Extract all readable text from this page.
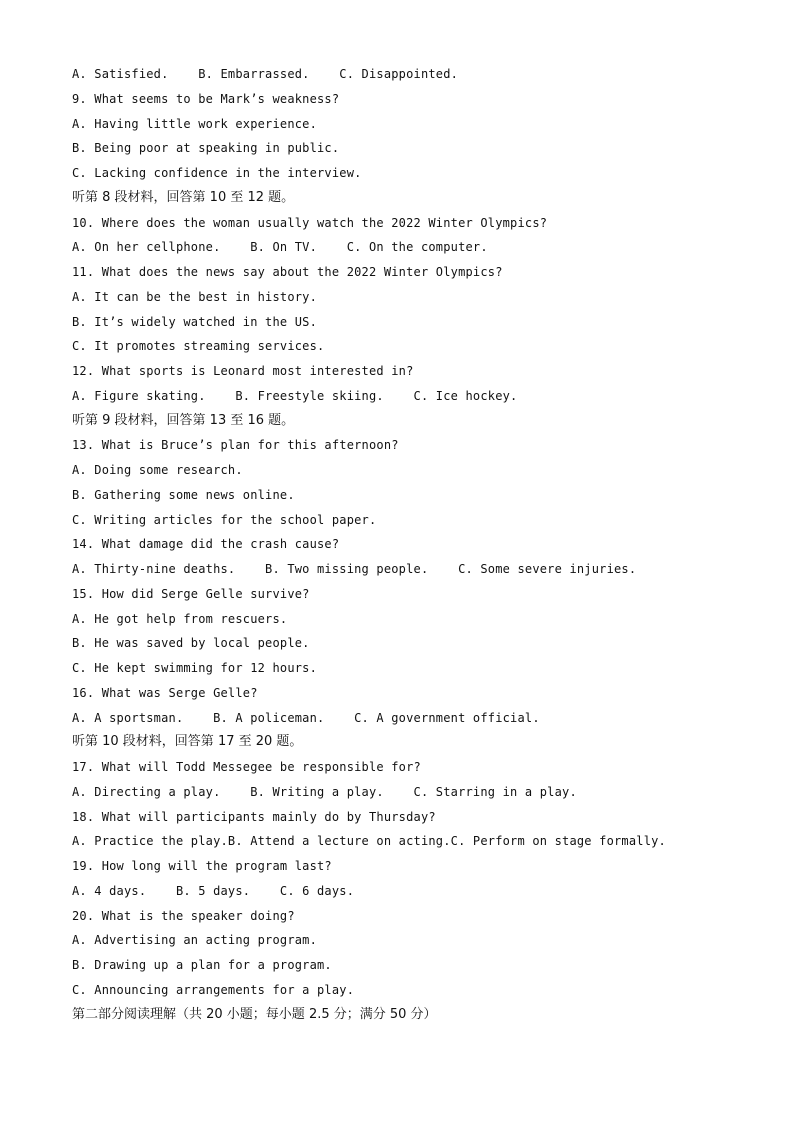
A. Satisfied.    B. Embarrassed.    C. Disappointed.
9. What seems to be Mark’s weakness?
A. Having little work experience.
B. Being poor at speaking in public.
C. Lacking confidence in the interview.
听第 8 段材料，回答第 10 至 12 题。
10. Where does the woman usually watch the 2022 Winter Olympics?
A. On her cellphone.    B. On TV.    C. On the computer.
11. What does the news say about the 2022 Winter Olympics?
A. It can be the best in history.
B. It’s widely watched in the US.
C. It promotes streaming services.
12. What sports is Leonard most interested in?
A. Figure skating.    B. Freestyle skiing.    C. Ice hockey.
听第 9 段材料，回答第 13 至 16 题。
13. What is Bruce’s plan for this afternoon?
A. Doing some research.
B. Gathering some news online.
C. Writing articles for the school paper.
14. What damage did the crash cause?
A. Thirty-nine deaths.    B. Two missing people.    C. Some severe injuries.
15. How did Serge Gelle survive?
A. He got help from rescuers.
B. He was saved by local people.
C. He kept swimming for 12 hours.
16. What was Serge Gelle?
A. A sportsman.    B. A policeman.    C. A government official.
听第 10 段材料，回答第 17 至 20 题。
17. What will Todd Messegee be responsible for?
A. Directing a play.    B. Writing a play.    C. Starring in a play.
18. What will participants mainly do by Thursday?
A. Practice the play.B. Attend a lecture on acting.C. Perform on stage formally.
19. How long will the program last?
A. 4 days.    B. 5 days.    C. 6 days.
20. What is the speaker doing?
A. Advertising an acting program.
B. Drawing up a plan for a program.
C. Announcing arrangements for a play.
第二部分阅读理解（共 20 小题；每小题 2.5 分；满分 50 分）
